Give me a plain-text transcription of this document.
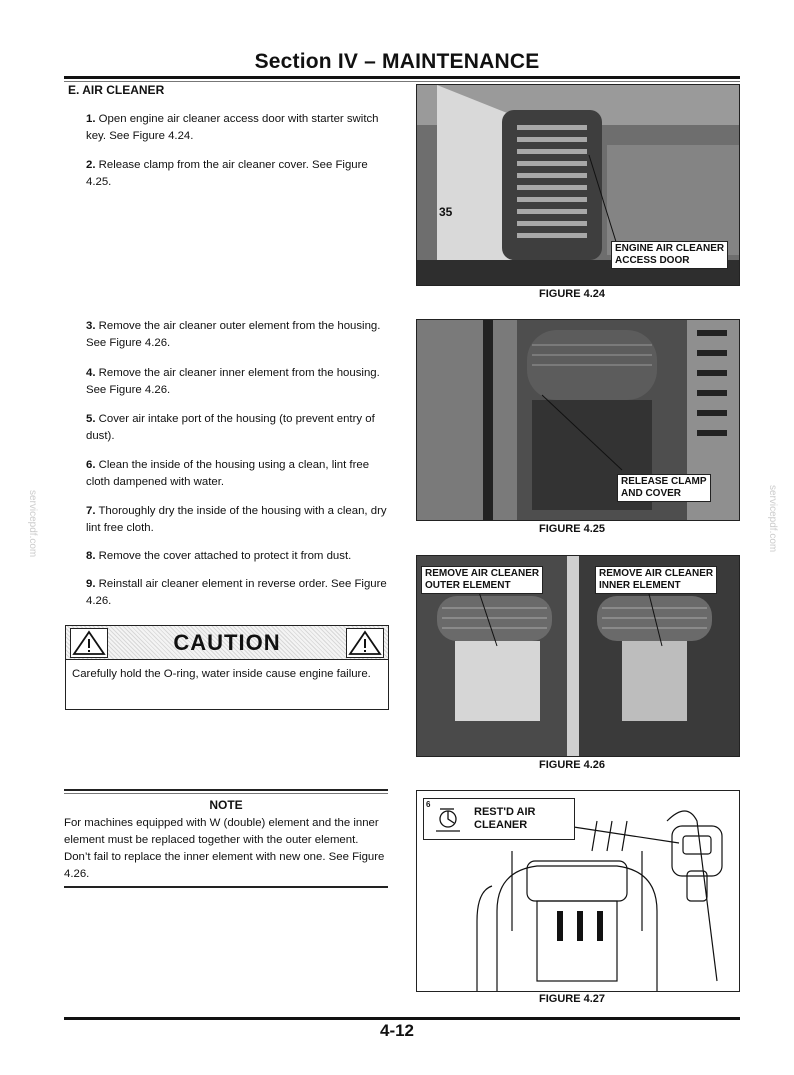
Section IV – MAINTENANCE
E. AIR CLEANER
1. Open engine air cleaner access door with starter switch key. See Figure 4.24.
2. Release clamp from the air cleaner cover. See Figure 4.25.
3. Remove the air cleaner outer element from the housing. See Figure 4.26.
4. Remove the air cleaner inner element from the housing. See Figure 4.26.
5. Cover air intake port of the housing (to prevent entry of dust).
6. Clean the inside of the housing using a clean, lint free cloth dampened with water.
7. Thoroughly dry the inside of the housing with a clean, dry lint free cloth.
8. Remove the cover attached to protect it from dust.
9. Reinstall air cleaner element in reverse order. See Figure 4.26.
CAUTION
Carefully hold the O-ring, water inside cause engine failure.
NOTE
For machines equipped with W (double) element and the inner element must be replaced together with the outer element. Don’t fail to replace the inner element with new one. See Figure 4.26.
35
ENGINE AIR CLEANER
ACCESS DOOR
FIGURE 4.24
RELEASE CLAMP
AND COVER
FIGURE 4.25
REMOVE AIR CLEANER
OUTER ELEMENT
REMOVE AIR CLEANER
INNER ELEMENT
FIGURE 4.26
6
REST'D AIR
CLEANER
FIGURE 4.27
4-12
servicepdf.com	servicepdf.com
